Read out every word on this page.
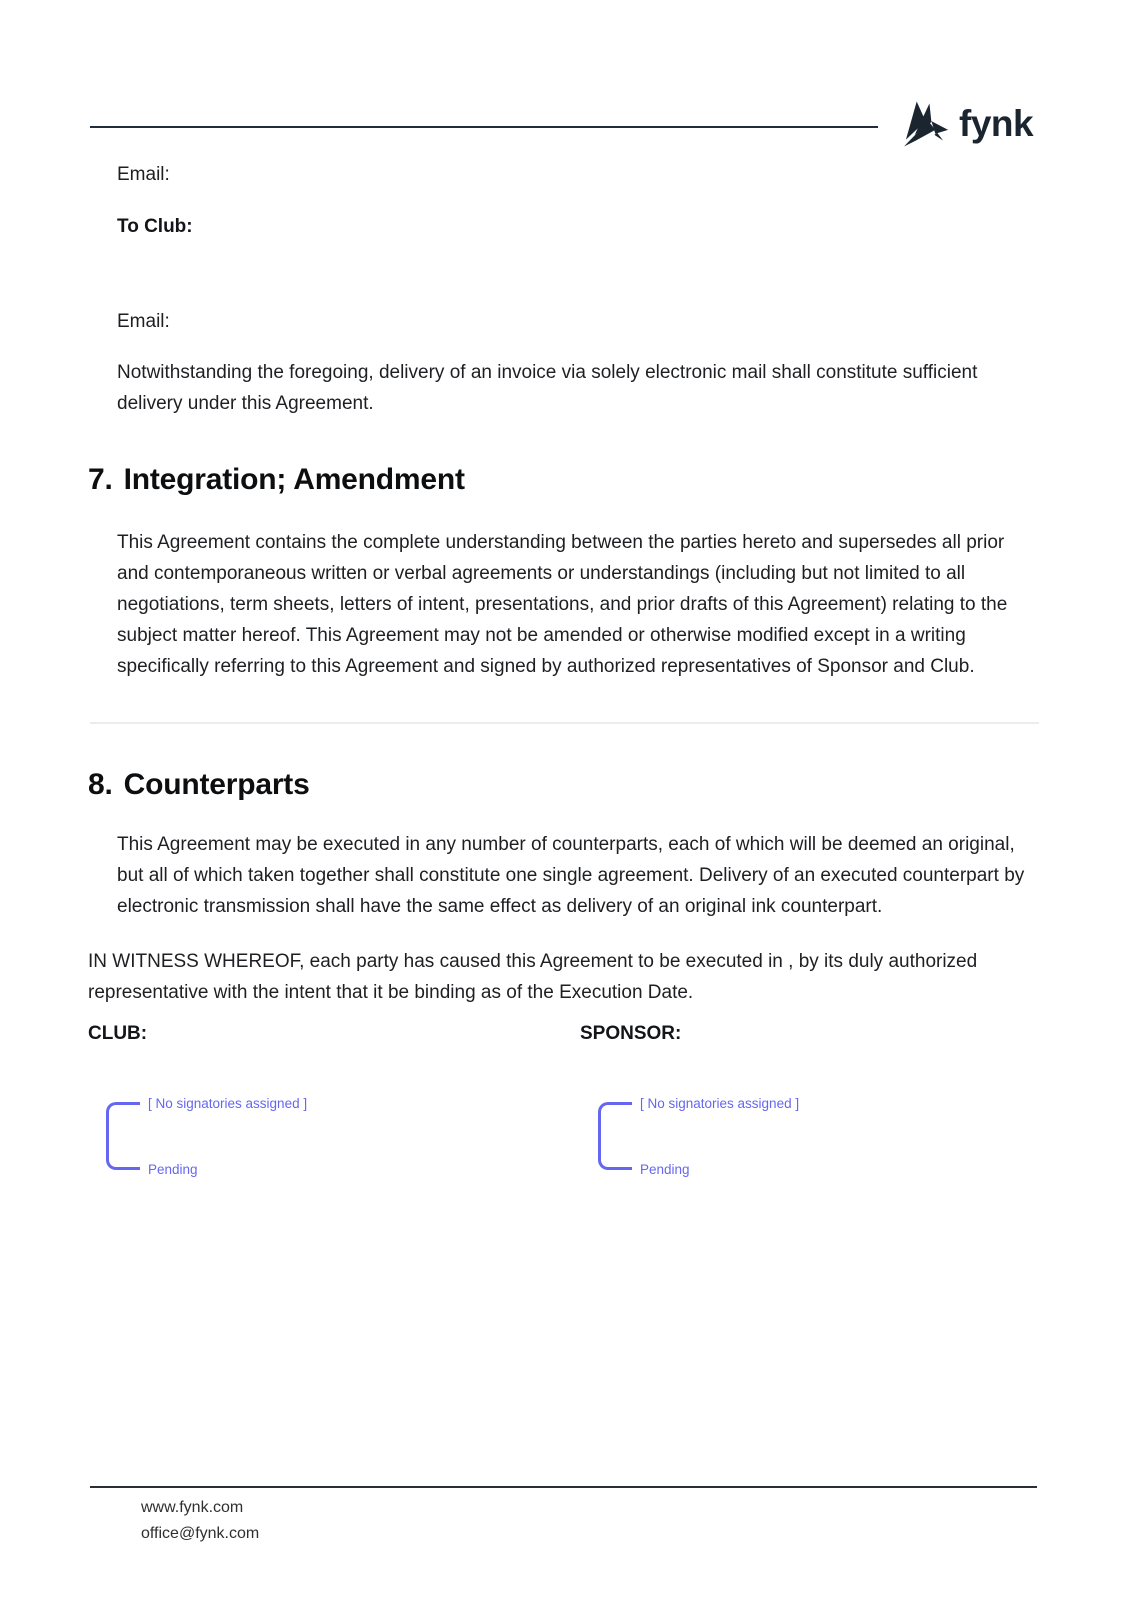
fynk

Email:

To Club:

Email:

Notwithstanding the foregoing, delivery of an invoice via solely electronic mail shall constitute sufficient delivery under this Agreement.

7. Integration; Amendment

This Agreement contains the complete understanding between the parties hereto and supersedes all prior and contemporaneous written or verbal agreements or understandings (including but not limited to all negotiations, term sheets, letters of intent, presentations, and prior drafts of this Agreement) relating to the subject matter hereof. This Agreement may not be amended or otherwise modified except in a writing specifically referring to this Agreement and signed by authorized representatives of Sponsor and Club.

8. Counterparts

This Agreement may be executed in any number of counterparts, each of which will be deemed an original, but all of which taken together shall constitute one single agreement. Delivery of an executed counterpart by electronic transmission shall have the same effect as delivery of an original ink counterpart.

IN WITNESS WHEREOF, each party has caused this Agreement to be executed in , by its duly authorized representative with the intent that it be binding as of the Execution Date.

CLUB:
[ No signatories assigned ]
Pending
SPONSOR:
[ No signatories assigned ]
Pending
www.fynk.com
office@fynk.com
